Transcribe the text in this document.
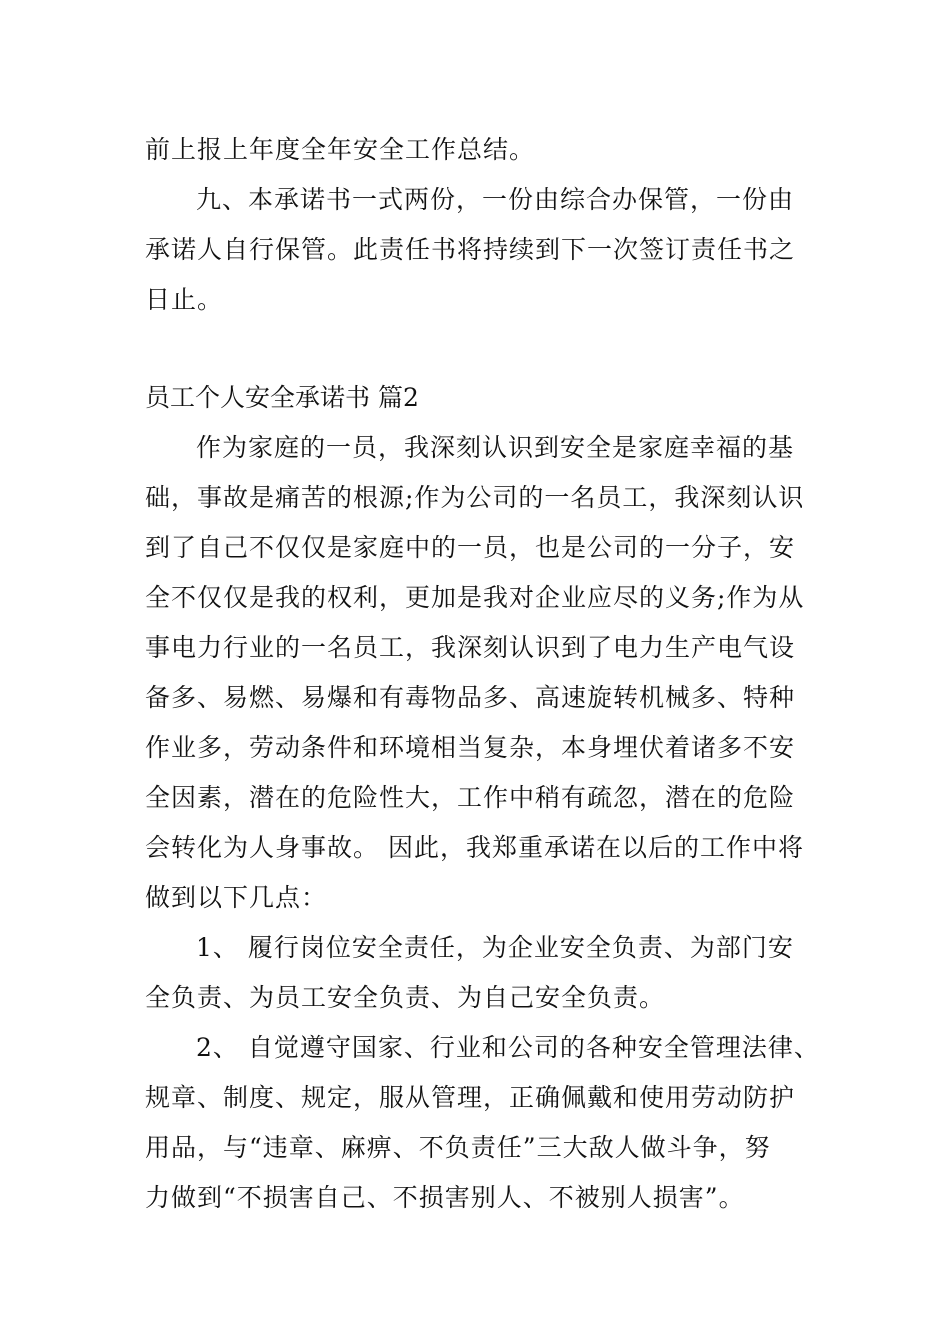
前上报上年度全年安全工作总结。
九、本承诺书一式两份，一份由综合办保管，一份由
承诺人自行保管。此责任书将持续到下一次签订责任书之
日止。
员工个人安全承诺书 篇2
作为家庭的一员，我深刻认识到安全是家庭幸福的基
础，事故是痛苦的根源;作为公司的一名员工，我深刻认识
到了自己不仅仅是家庭中的一员，也是公司的一分子，安
全不仅仅是我的权利，更加是我对企业应尽的义务;作为从
事电力行业的一名员工，我深刻认识到了电力生产电气设
备多、易燃、易爆和有毒物品多、高速旋转机械多、特种
作业多，劳动条件和环境相当复杂，本身埋伏着诸多不安
全因素，潜在的危险性大，工作中稍有疏忽，潜在的危险
会转化为人身事故。 因此，我郑重承诺在以后的工作中将
做到以下几点：
1、 履行岗位安全责任，为企业安全负责、为部门安
全负责、为员工安全负责、为自己安全负责。
2、 自觉遵守国家、行业和公司的各种安全管理法律、
规章、制度、规定，服从管理，正确佩戴和使用劳动防护
用品，与“违章、麻痹、不负责任”三大敌人做斗争，努
力做到“不损害自己、不损害别人、不被别人损害”。
